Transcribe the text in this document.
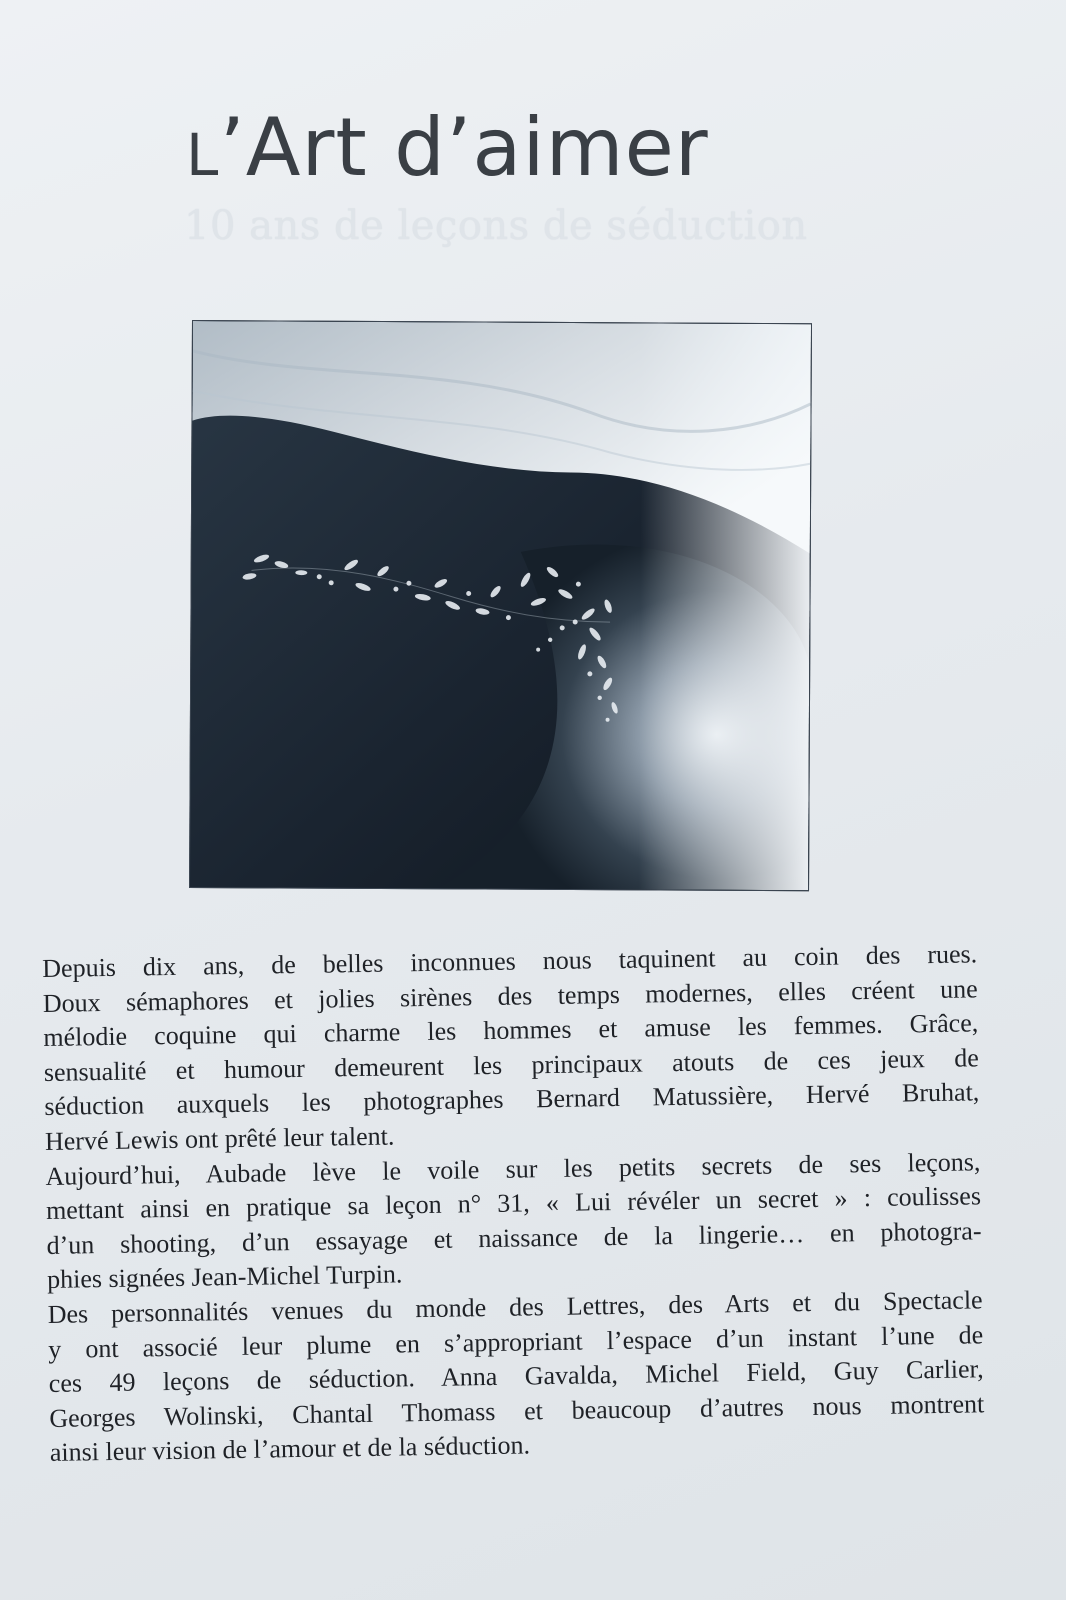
L’Art d’aimer
10 ans de leçons de séduction

Depuis dix ans, de belles inconnues nous taquinent au coin des rues.
Doux sémaphores et jolies sirènes des temps modernes, elles créent une
mélodie coquine qui charme les hommes et amuse les femmes. Grâce,
sensualité et humour demeurent les principaux atouts de ces jeux de
séduction auxquels les photographes Bernard Matussière, Hervé Bruhat,
Hervé Lewis ont prêté leur talent.

Aujourd’hui, Aubade lève le voile sur les petits secrets de ses leçons,
mettant ainsi en pratique sa leçon n° 31, « Lui révéler un secret » : coulisses
d’un shooting, d’un essayage et naissance de la lingerie… en photogra-
phies signées Jean-Michel Turpin.

Des personnalités venues du monde des Lettres, des Arts et du Spectacle
y ont associé leur plume en s’appropriant l’espace d’un instant l’une de
ces 49 leçons de séduction. Anna Gavalda, Michel Field, Guy Carlier,
Georges Wolinski, Chantal Thomass et beaucoup d’autres nous montrent
ainsi leur vision de l’amour et de la séduction.
